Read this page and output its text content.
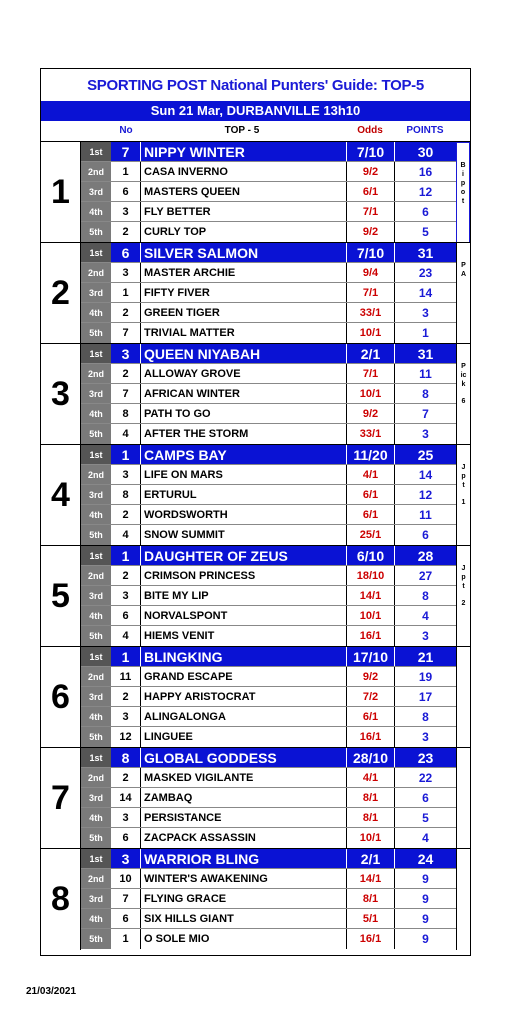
SPORTING POST National Punters' Guide: TOP-5
Sun 21 Mar, DURBANVILLE 13h10
No	TOP - 5	Odds	POINTS
1
1st	7	NIPPY WINTER	7/10	30
2nd	1	CASA INVERNO	9/2	16
3rd	6	MASTERS QUEEN	6/1	12
4th	3	FLY BETTER	7/1	6
5th	2	CURLY TOP	9/2	5
Bipot
2
1st	6	SILVER SALMON	7/10	31
2nd	3	MASTER ARCHIE	9/4	23
3rd	1	FIFTY FIVER	7/1	14
4th	2	GREEN TIGER	33/1	3
5th	7	TRIVIAL MATTER	10/1	1
PA
3
1st	3	QUEEN NIYABAH	2/1	31
2nd	2	ALLOWAY GROVE	7/1	11
3rd	7	AFRICAN WINTER	10/1	8
4th	8	PATH TO GO	9/2	7
5th	4	AFTER THE STORM	33/1	3
Pick
6
4
1st	1	CAMPS BAY	11/20	25
2nd	3	LIFE ON MARS	4/1	14
3rd	8	ERTURUL	6/1	12
4th	2	WORDSWORTH	6/1	11
5th	4	SNOW SUMMIT	25/1	6
Jpt
1
5
1st	1	DAUGHTER OF ZEUS	6/10	28
2nd	2	CRIMSON PRINCESS	18/10	27
3rd	3	BITE MY LIP	14/1	8
4th	6	NORVALSPONT	10/1	4
5th	4	HIEMS VENIT	16/1	3
Jpt
2
6
1st	1	BLINGKING	17/10	21
2nd	11	GRAND ESCAPE	9/2	19
3rd	2	HAPPY ARISTOCRAT	7/2	17
4th	3	ALINGALONGA	6/1	8
5th	12	LINGUEE	16/1	3
7
1st	8	GLOBAL GODDESS	28/10	23
2nd	2	MASKED VIGILANTE	4/1	22
3rd	14	ZAMBAQ	8/1	6
4th	3	PERSISTANCE	8/1	5
5th	6	ZACPACK ASSASSIN	10/1	4
8
1st	3	WARRIOR BLING	2/1	24
2nd	10	WINTER'S AWAKENING	14/1	9
3rd	7	FLYING GRACE	8/1	9
4th	6	SIX HILLS GIANT	5/1	9
5th	1	O SOLE MIO	16/1	9
21/03/2021
